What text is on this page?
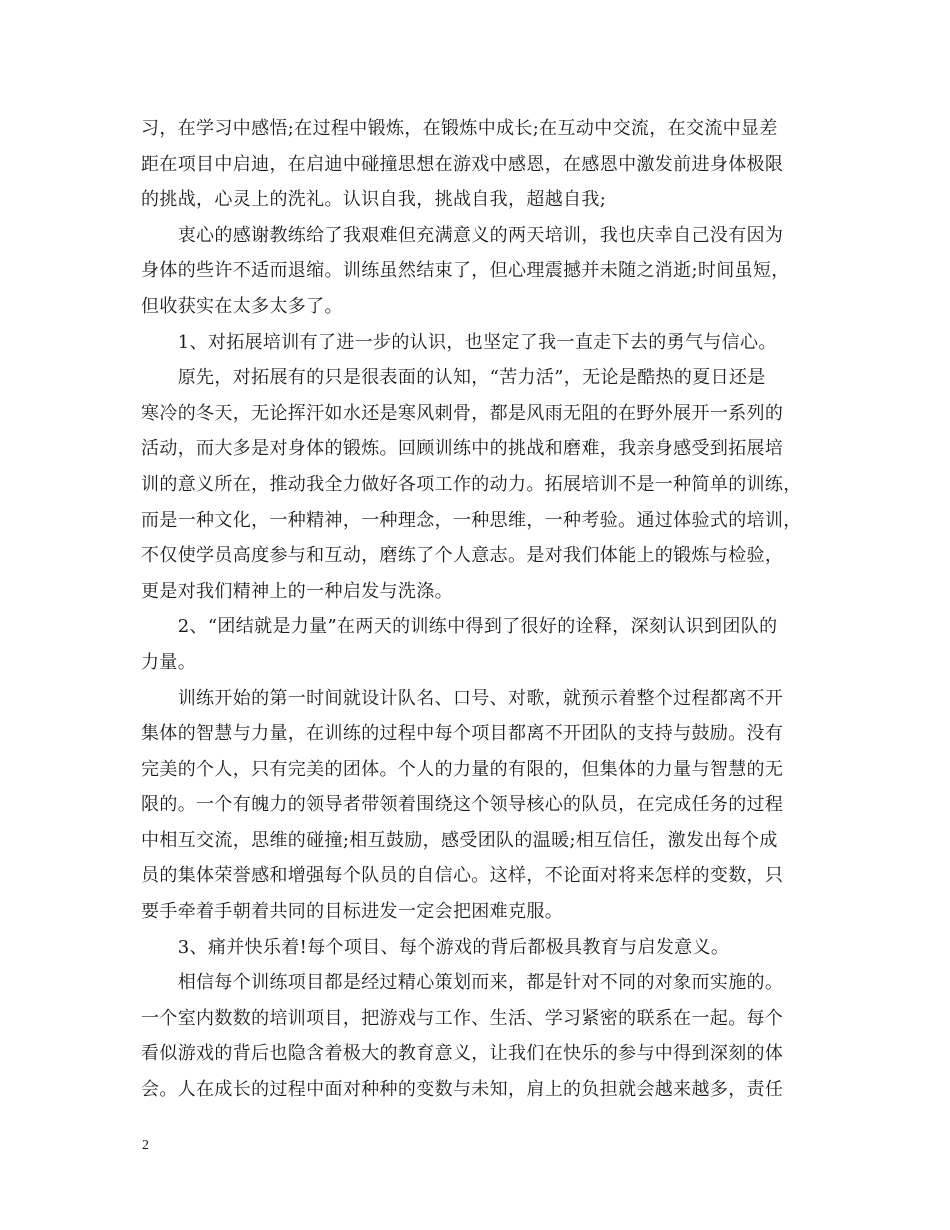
习，在学习中感悟;在过程中锻炼，在锻炼中成长;在互动中交流，在交流中显差
距在项目中启迪，在启迪中碰撞思想在游戏中感恩，在感恩中激发前进身体极限
的挑战，心灵上的洗礼。认识自我，挑战自我，超越自我;
　　衷心的感谢教练给了我艰难但充满意义的两天培训，我也庆幸自己没有因为
身体的些许不适而退缩。训练虽然结束了，但心理震撼并未随之消逝;时间虽短，
但收获实在太多太多了。
　　1、对拓展培训有了进一步的认识，也坚定了我一直走下去的勇气与信心。
　　原先，对拓展有的只是很表面的认知，“苦力活”，无论是酷热的夏日还是
寒冷的冬天，无论挥汗如水还是寒风刺骨，都是风雨无阻的在野外展开一系列的
活动，而大多是对身体的锻炼。回顾训练中的挑战和磨难，我亲身感受到拓展培
训的意义所在，推动我全力做好各项工作的动力。拓展培训不是一种简单的训练，
而是一种文化，一种精神，一种理念，一种思维，一种考验。通过体验式的培训，
不仅使学员高度参与和互动，磨练了个人意志。是对我们体能上的锻炼与检验，
更是对我们精神上的一种启发与洗涤。
　　2、“团结就是力量”在两天的训练中得到了很好的诠释，深刻认识到团队的
力量。
　　训练开始的第一时间就设计队名、口号、对歌，就预示着整个过程都离不开
集体的智慧与力量，在训练的过程中每个项目都离不开团队的支持与鼓励。没有
完美的个人，只有完美的团体。个人的力量的有限的，但集体的力量与智慧的无
限的。一个有魄力的领导者带领着围绕这个领导核心的队员，在完成任务的过程
中相互交流，思维的碰撞;相互鼓励，感受团队的温暖;相互信任，激发出每个成
员的集体荣誉感和增强每个队员的自信心。这样，不论面对将来怎样的变数，只
要手牵着手朝着共同的目标进发一定会把困难克服。
　　3、痛并快乐着!每个项目、每个游戏的背后都极具教育与启发意义。
　　相信每个训练项目都是经过精心策划而来，都是针对不同的对象而实施的。
一个室内数数的培训项目，把游戏与工作、生活、学习紧密的联系在一起。每个
看似游戏的背后也隐含着极大的教育意义，让我们在快乐的参与中得到深刻的体
会。人在成长的过程中面对种种的变数与未知，肩上的负担就会越来越多，责任
2
